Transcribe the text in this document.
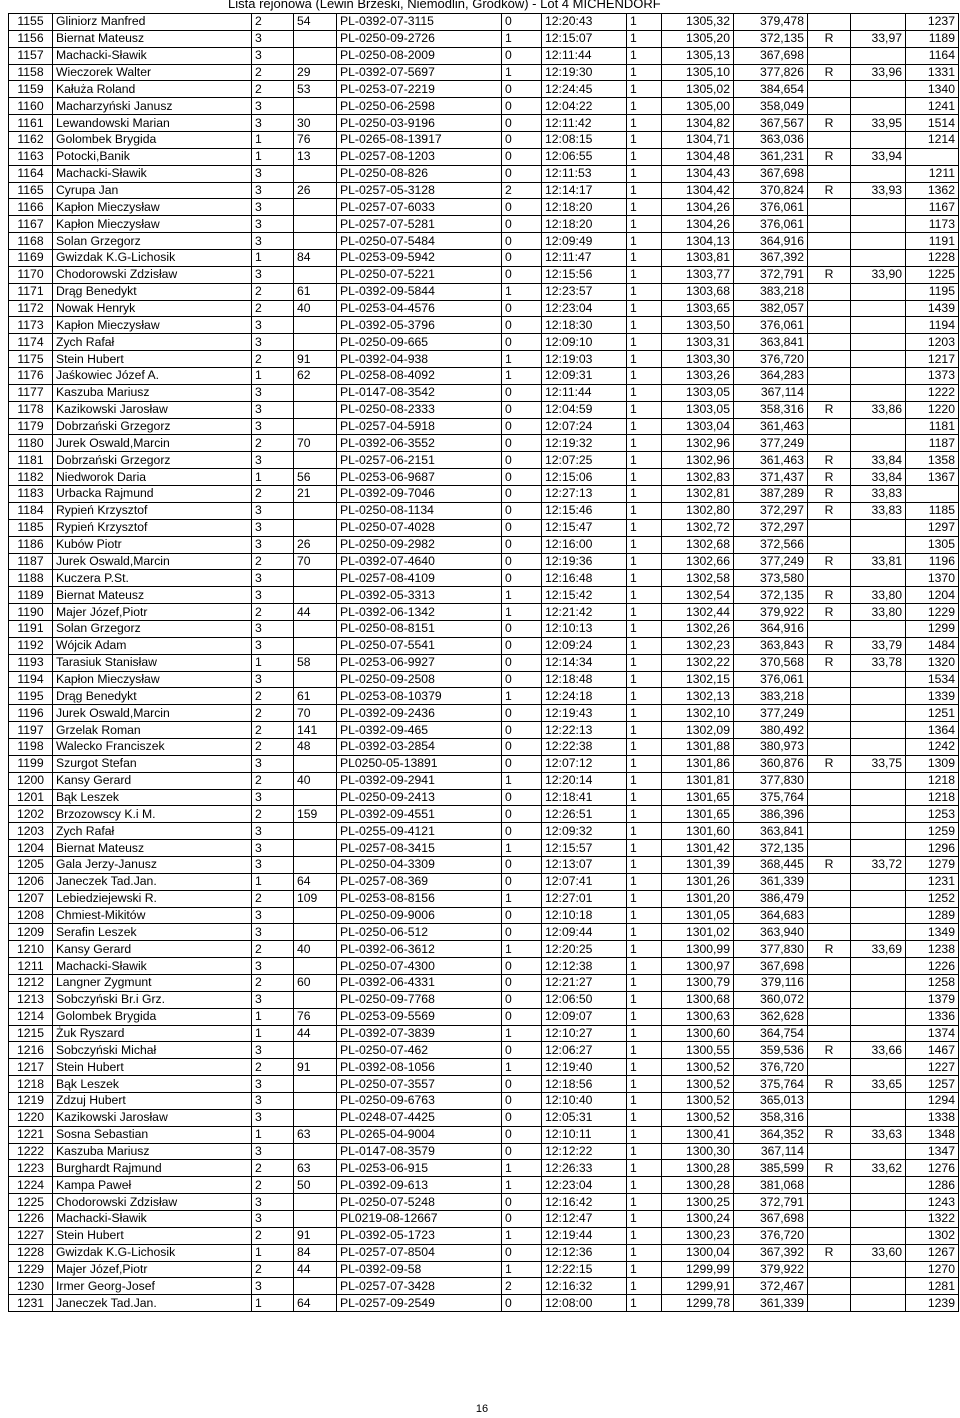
Lista rejonowa (Lewin Brzeski, Niemodlin, Grodków) - Lot 4 MICHENDORF
1155	Gliniorz Manfred	2	54	PL-0392-07-3115	0	12:20:43	1	1305,32	379,478			1237
1156	Biernat Mateusz	3		PL-0250-09-2726	1	12:15:07	1	1305,20	372,135	R	33,97	1189
1157	Machacki-Sławik	3		PL-0250-08-2009	0	12:11:44	1	1305,13	367,698			1164
1158	Wieczorek Walter	2	29	PL-0392-07-5697	1	12:19:30	1	1305,10	377,826	R	33,96	1331
1159	Kałuża Roland	2	53	PL-0253-07-2219	0	12:24:45	1	1305,02	384,654			1340
1160	Macharzyński Janusz	3		PL-0250-06-2598	0	12:04:22	1	1305,00	358,049			1241
1161	Lewandowski Marian	3	30	PL-0250-03-9196	0	12:11:42	1	1304,82	367,567	R	33,95	1514
1162	Golombek Brygida	1	76	PL-0265-08-13917	0	12:08:15	1	1304,71	363,036			1214
1163	Potocki,Banik	1	13	PL-0257-08-1203	0	12:06:55	1	1304,48	361,231	R	33,94	
1164	Machacki-Sławik	3		PL-0250-08-826	0	12:11:53	1	1304,43	367,698			1211
1165	Cyrupa Jan	3	26	PL-0257-05-3128	2	12:14:17	1	1304,42	370,824	R	33,93	1362
1166	Kapłon Mieczysław	3		PL-0257-07-6033	0	12:18:20	1	1304,26	376,061			1167
1167	Kapłon Mieczysław	3		PL-0257-07-5281	0	12:18:20	1	1304,26	376,061			1173
1168	Solan Grzegorz	3		PL-0250-07-5484	0	12:09:49	1	1304,13	364,916			1191
1169	Gwizdak K.G-Lichosik	1	84	PL-0253-09-5942	0	12:11:47	1	1303,81	367,392			1228
1170	Chodorowski Zdzisław	3		PL-0250-07-5221	0	12:15:56	1	1303,77	372,791	R	33,90	1225
1171	Drąg Benedykt	2	61	PL-0392-09-5844	1	12:23:57	1	1303,68	383,218			1195
1172	Nowak Henryk	2	40	PL-0253-04-4576	0	12:23:04	1	1303,65	382,057			1439
1173	Kapłon Mieczysław	3		PL-0392-05-3796	0	12:18:30	1	1303,50	376,061			1194
1174	Zych Rafał	3		PL-0250-09-665	0	12:09:10	1	1303,31	363,841			1203
1175	Stein Hubert	2	91	PL-0392-04-938	1	12:19:03	1	1303,30	376,720			1217
1176	Jaśkowiec Józef A.	1	62	PL-0258-08-4092	1	12:09:31	1	1303,26	364,283			1373
1177	Kaszuba Mariusz	3		PL-0147-08-3542	0	12:11:44	1	1303,05	367,114			1222
1178	Kazikowski Jarosław	3		PL-0250-08-2333	0	12:04:59	1	1303,05	358,316	R	33,86	1220
1179	Dobrzański Grzegorz	3		PL-0257-04-5918	0	12:07:24	1	1303,04	361,463			1181
1180	Jurek Oswald,Marcin	2	70	PL-0392-06-3552	0	12:19:32	1	1302,96	377,249			1187
1181	Dobrzański Grzegorz	3		PL-0257-06-2151	0	12:07:25	1	1302,96	361,463	R	33,84	1358
1182	Niedworok Daria	1	56	PL-0253-06-9687	0	12:15:06	1	1302,83	371,437	R	33,84	1367
1183	Urbacka Rajmund	2	21	PL-0392-09-7046	0	12:27:13	1	1302,81	387,289	R	33,83	
1184	Rypień Krzysztof	3		PL-0250-08-1134	0	12:15:46	1	1302,80	372,297	R	33,83	1185
1185	Rypień Krzysztof	3		PL-0250-07-4028	0	12:15:47	1	1302,72	372,297			1297
1186	Kubów Piotr	3	26	PL-0250-09-2982	0	12:16:00	1	1302,68	372,566			1305
1187	Jurek Oswald,Marcin	2	70	PL-0392-07-4640	0	12:19:36	1	1302,66	377,249	R	33,81	1196
1188	Kuczera P.St.	3		PL-0257-08-4109	0	12:16:48	1	1302,58	373,580			1370
1189	Biernat Mateusz	3		PL-0392-05-3313	1	12:15:42	1	1302,54	372,135	R	33,80	1204
1190	Majer Józef,Piotr	2	44	PL-0392-06-1342	1	12:21:42	1	1302,44	379,922	R	33,80	1229
1191	Solan Grzegorz	3		PL-0250-08-8151	0	12:10:13	1	1302,26	364,916			1299
1192	Wójcik Adam	3		PL-0250-07-5541	0	12:09:24	1	1302,23	363,843	R	33,79	1484
1193	Tarasiuk Stanisław	1	58	PL-0253-06-9927	0	12:14:34	1	1302,22	370,568	R	33,78	1320
1194	Kapłon Mieczysław	3		PL-0250-09-2508	0	12:18:48	1	1302,15	376,061			1534
1195	Drąg Benedykt	2	61	PL-0253-08-10379	1	12:24:18	1	1302,13	383,218			1339
1196	Jurek Oswald,Marcin	2	70	PL-0392-09-2436	0	12:19:43	1	1302,10	377,249			1251
1197	Grzelak Roman	2	141	PL-0392-09-465	0	12:22:13	1	1302,09	380,492			1364
1198	Walecko Franciszek	2	48	PL-0392-03-2854	0	12:22:38	1	1301,88	380,973			1242
1199	Szurgot Stefan	3		PL0250-05-13891	0	12:07:12	1	1301,86	360,876	R	33,75	1309
1200	Kansy Gerard	2	40	PL-0392-09-2941	1	12:20:14	1	1301,81	377,830			1218
1201	Bąk Leszek	3		PL-0250-09-2413	0	12:18:41	1	1301,65	375,764			1218
1202	Brzozowscy K.i M.	2	159	PL-0392-09-4551	0	12:26:51	1	1301,65	386,396			1253
1203	Zych Rafał	3		PL-0255-09-4121	0	12:09:32	1	1301,60	363,841			1259
1204	Biernat Mateusz	3		PL-0257-08-3415	1	12:15:57	1	1301,42	372,135			1296
1205	Gala Jerzy-Janusz	3		PL-0250-04-3309	0	12:13:07	1	1301,39	368,445	R	33,72	1279
1206	Janeczek Tad.Jan.	1	64	PL-0257-08-369	0	12:07:41	1	1301,26	361,339			1231
1207	Lebiedziejewski R.	2	109	PL-0253-08-8156	1	12:27:01	1	1301,20	386,479			1252
1208	Chmiest-Mikitów	3		PL-0250-09-9006	0	12:10:18	1	1301,05	364,683			1289
1209	Serafin Leszek	3		PL-0250-06-512	0	12:09:44	1	1301,02	363,940			1349
1210	Kansy Gerard	2	40	PL-0392-06-3612	1	12:20:25	1	1300,99	377,830	R	33,69	1238
1211	Machacki-Sławik	3		PL-0250-07-4300	0	12:12:38	1	1300,97	367,698			1226
1212	Langner Zygmunt	2	60	PL-0392-06-4331	0	12:21:27	1	1300,79	379,116			1258
1213	Sobczyński Br.i Grz.	3		PL-0250-09-7768	0	12:06:50	1	1300,68	360,072			1379
1214	Golombek Brygida	1	76	PL-0253-09-5569	0	12:09:07	1	1300,63	362,628			1336
1215	Żuk Ryszard	1	44	PL-0392-07-3839	1	12:10:27	1	1300,60	364,754			1374
1216	Sobczyński Michał	3		PL-0250-07-462	0	12:06:27	1	1300,55	359,536	R	33,66	1467
1217	Stein Hubert	2	91	PL-0392-08-1056	1	12:19:40	1	1300,52	376,720			1227
1218	Bąk Leszek	3		PL-0250-07-3557	0	12:18:56	1	1300,52	375,764	R	33,65	1257
1219	Zdzuj Hubert	3		PL-0250-09-6763	0	12:10:40	1	1300,52	365,013			1294
1220	Kazikowski Jarosław	3		PL-0248-07-4425	0	12:05:31	1	1300,52	358,316			1338
1221	Sosna Sebastian	1	63	PL-0265-04-9004	0	12:10:11	1	1300,41	364,352	R	33,63	1348
1222	Kaszuba Mariusz	3		PL-0147-08-3579	0	12:12:22	1	1300,30	367,114			1347
1223	Burghardt Rajmund	2	63	PL-0253-06-915	1	12:26:33	1	1300,28	385,599	R	33,62	1276
1224	Kampa Paweł	2	50	PL-0392-09-613	1	12:23:04	1	1300,28	381,068			1286
1225	Chodorowski Zdzisław	3		PL-0250-07-5248	0	12:16:42	1	1300,25	372,791			1243
1226	Machacki-Sławik	3		PL0219-08-12667	0	12:12:47	1	1300,24	367,698			1322
1227	Stein Hubert	2	91	PL-0392-05-1723	1	12:19:44	1	1300,23	376,720			1302
1228	Gwizdak K.G-Lichosik	1	84	PL-0257-07-8504	0	12:12:36	1	1300,04	367,392	R	33,60	1267
1229	Majer Józef,Piotr	2	44	PL-0392-09-58	1	12:22:15	1	1299,99	379,922			1270
1230	Irmer Georg-Josef	3		PL-0257-07-3428	2	12:16:32	1	1299,91	372,467			1281
1231	Janeczek Tad.Jan.	1	64	PL-0257-09-2549	0	12:08:00	1	1299,78	361,339			1239
16
